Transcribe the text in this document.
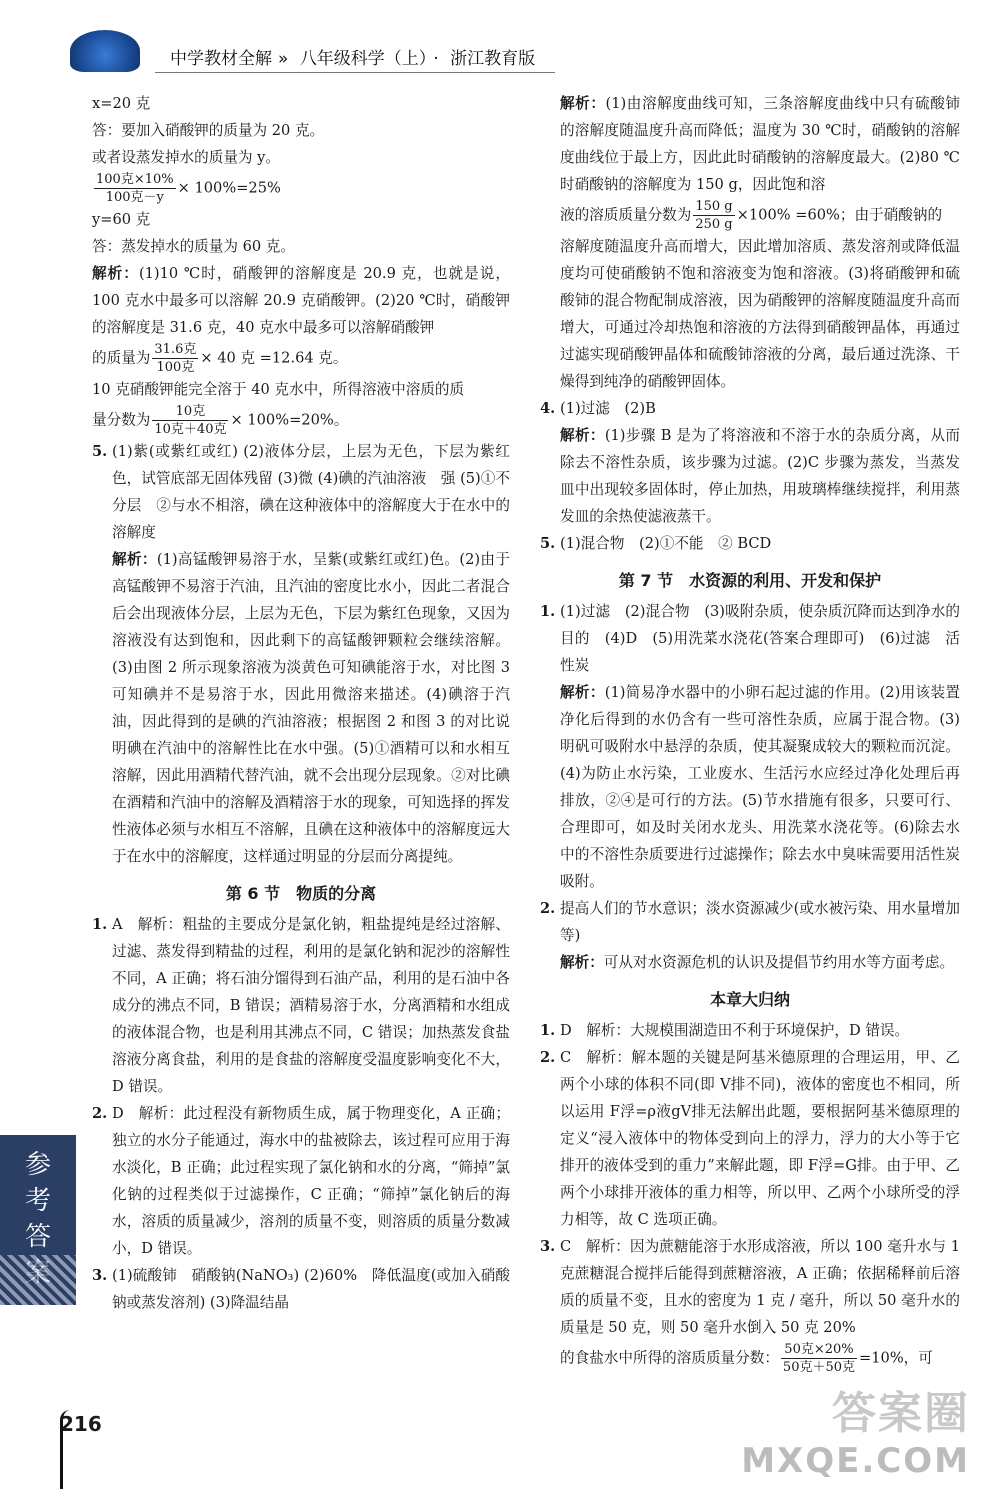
中学教材全解 » 八年级科学（上） · 浙江教育版

x=20 克

答：要加入硝酸钾的质量为 20 克。

或者设蒸发掉水的质量为 y。

$\frac{\text{100克×10\%}}{\text{100克－y}} \times 100\%=25\%$

y=60 克

答：蒸发掉水的质量为 60 克。

解析：(1)10 ℃时，硝酸钾的溶解度是 20.9 克，也就是说，100 克水中最多可以溶解 20.9 克硝酸钾。(2)20 ℃时，硝酸钾的溶解度是 31.6 克，40 克水中最多可以溶解硝酸钾

的质量为 $\frac{\text{31.6克}}{\text{100克}} \times 40$ 克 =12.64 克。

10 克硝酸钾能完全溶于 40 克水中，所得溶液中溶质的质

量分数为 $\frac{\text{10克}}{\text{10克＋40克}} \times 100\%=20\%$。

5. (1)紫(或紫红或红) (2)液体分层，上层为无色，下层为紫红色，试管底部无固体残留 (3)微 (4)碘的汽油溶液　强 (5)①不分层　②与水不相溶，碘在这种液体中的溶解度大于在水中的溶解度

解析：(1)高锰酸钾易溶于水，呈紫(或紫红或红)色。(2)由于高锰酸钾不易溶于汽油，且汽油的密度比水小，因此二者混合后会出现液体分层，上层为无色，下层为紫红色现象，又因为溶液没有达到饱和，因此剩下的高锰酸钾颗粒会继续溶解。(3)由图 2 所示现象溶液为淡黄色可知碘能溶于水，对比图 3 可知碘并不是易溶于水，因此用微溶来描述。(4)碘溶于汽油，因此得到的是碘的汽油溶液；根据图 2 和图 3 的对比说明碘在汽油中的溶解性比在水中强。(5)①酒精可以和水相互溶解，因此用酒精代替汽油，就不会出现分层现象。②对比碘在酒精和汽油中的溶解及酒精溶于水的现象，可知选择的挥发性液体必须与水相互不溶解，且碘在这种液体中的溶解度远大于在水中的溶解度，这样通过明显的分层而分离提纯。

第 6 节　物质的分离

1. A　解析：粗盐的主要成分是氯化钠，粗盐提纯是经过溶解、过滤、蒸发得到精盐的过程，利用的是氯化钠和泥沙的溶解性不同，A 正确；将石油分馏得到石油产品，利用的是石油中各成分的沸点不同，B 错误；酒精易溶于水，分离酒精和水组成的液体混合物，也是利用其沸点不同，C 错误；加热蒸发食盐溶液分离食盐，利用的是食盐的溶解度受温度影响变化不大，D 错误。

2. D　解析：此过程没有新物质生成，属于物理变化，A 正确；独立的水分子能通过，海水中的盐被除去，该过程可应用于海水淡化，B 正确；此过程实现了氯化钠和水的分离，“筛掉”氯化钠的过程类似于过滤操作，C 正确；“筛掉”氯化钠后的海水，溶质的质量减少，溶剂的质量不变，则溶质的质量分数减小，D 错误。

3. (1)硫酸铈　硝酸钠(NaNO₃) (2)60%　降低温度(或加入硝酸钠或蒸发溶剂) (3)降温结晶

解析：(1)由溶解度曲线可知，三条溶解度曲线中只有硫酸铈的溶解度随温度升高而降低；温度为 30 ℃时，硝酸钠的溶解度曲线位于最上方，因此此时硝酸钠的溶解度最大。(2)80 ℃时硝酸钠的溶解度为 150 g，因此饱和溶

液的溶质质量分数为 $\frac{150 g}{250 g} \times 100\% =60\%$；由于硝酸钠的

溶解度随温度升高而增大，因此增加溶质、蒸发溶剂或降低温度均可使硝酸钠不饱和溶液变为饱和溶液。(3)将硝酸钾和硫酸铈的混合物配制成溶液，因为硝酸钾的溶解度随温度升高而增大，可通过冷却热饱和溶液的方法得到硝酸钾晶体，再通过过滤实现硝酸钾晶体和硫酸铈溶液的分离，最后通过洗涤、干燥得到纯净的硝酸钾固体。

4. (1)过滤　(2)B

解析：(1)步骤 B 是为了将溶液和不溶于水的杂质分离，从而除去不溶性杂质，该步骤为过滤。(2)C 步骤为蒸发，当蒸发皿中出现较多固体时，停止加热，用玻璃棒继续搅拌，利用蒸发皿的余热使滤液蒸干。

5. (1)混合物　(2)①不能　② BCD

第 7 节　水资源的利用、开发和保护

1. (1)过滤　(2)混合物　(3)吸附杂质，使杂质沉降而达到净水的目的　(4)D　(5)用洗菜水浇花(答案合理即可)　(6)过滤　活性炭

解析：(1)简易净水器中的小卵石起过滤的作用。(2)用该装置净化后得到的水仍含有一些可溶性杂质，应属于混合物。(3)明矾可吸附水中悬浮的杂质，使其凝聚成较大的颗粒而沉淀。(4)为防止水污染，工业废水、生活污水应经过净化处理后再排放，②④是可行的方法。(5)节水措施有很多，只要可行、合理即可，如及时关闭水龙头、用洗菜水浇花等。(6)除去水中的不溶性杂质要进行过滤操作；除去水中臭味需要用活性炭吸附。

2. 提高人们的节水意识；淡水资源减少(或水被污染、用水量增加等)

解析：可从对水资源危机的认识及提倡节约用水等方面考虑。

本章大归纳

1. D　解析：大规模围湖造田不利于环境保护，D 错误。

2. C　解析：解本题的关键是阿基米德原理的合理运用，甲、乙两个小球的体积不同(即 V排不同)，液体的密度也不相同，所以运用 F浮=ρ液gV排无法解出此题，要根据阿基米德原理的定义“浸入液体中的物体受到向上的浮力，浮力的大小等于它排开的液体受到的重力”来解此题，即 F浮=G排。由于甲、乙两个小球排开液体的重力相等，所以甲、乙两个小球所受的浮力相等，故 C 选项正确。

3. C　解析：因为蔗糖能溶于水形成溶液，所以 100 毫升水与 1 克蔗糖混合搅拌后能得到蔗糖溶液，A 正确；依据稀释前后溶质的质量不变，且水的密度为 1 克 / 毫升，所以 50 毫升水的质量是 50 克，则 50 毫升水倒入 50 克 20%

的食盐水中所得的溶质质量分数： $\frac{\text{50克×20\%}}{\text{50克＋50克}} =10\%$，可

参考答
216	答案圈
MXQE.COM
